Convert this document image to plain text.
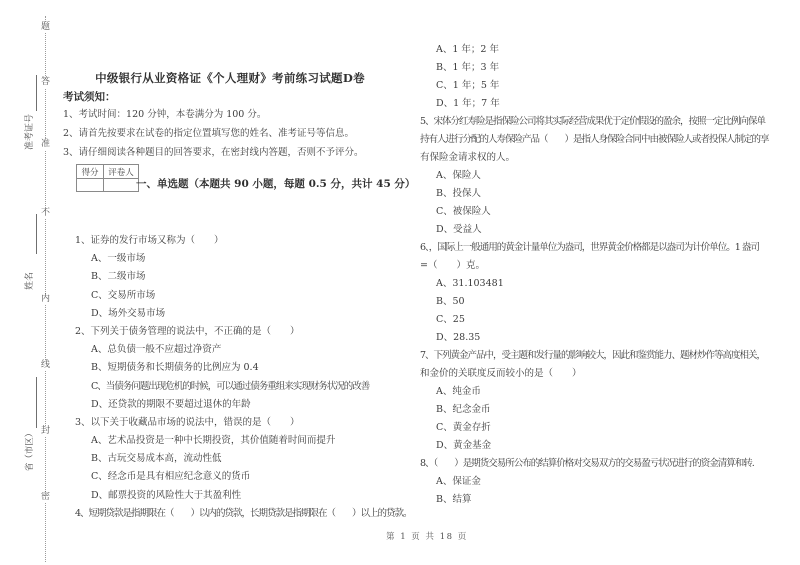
题
答
准
不
内
线
封
密
准考证号
姓名
省（市区）
中级银行从业资格证《个人理财》考前练习试题D卷
考试须知：
1、考试时间：120 分钟，本卷满分为 100 分。
2、请首先按要求在试卷的指定位置填写您的姓名、准考证号等信息。
3、请仔细阅读各种题目的回答要求，在密封线内答题，否则不予评分。
得分	评卷人

一、单选题（本题共 90 小题，每题 0.5 分，共计 45 分）
1、证券的发行市场又称为（　　）
A、一级市场
B、二级市场
C、交易所市场
D、场外交易市场
2、下列关于债务管理的说法中，不正确的是（　　）
A、总负债一般不应超过净资产
B、短期债务和长期债务的比例应为 0.4
C、当债务问题出现危机的时候，可以通过债务重组来实现财务状况的改善
D、还贷款的期限不要超过退休的年龄
3、以下关于收藏品市场的说法中，错误的是（　　）
A、艺术品投资是一种中长期投资，其价值随着时间而提升
B、古玩交易成本高，流动性低
C、经念币是具有相应纪念意义的货币
D、邮票投资的风险性大于其盈利性
4、短期贷款是指期限在（　　）以内的贷款，长期贷款是指期限在（　　）以上的贷款。
A、1 年；2 年
B、1 年；3 年
C、1 年；5 年
D、1 年；7 年
5、宋体分红寿险是指保险公司将其实际经营成果优于定价假设的盈余，按照一定比例向保单
持有人进行分配的人寿保险产品（　　）是指人身保险合同中由被保险人或者投保人制定的享
有保险金请求权的人。
A、保险人
B、投保人
C、被保险人
D、受益人
6、，国际上一般通用的黄金计量单位为盎司，世界黄金价格都是以盎司为计价单位。1 盎司
=（　　）克。
A、31.103481
B、50
C、25
D、28.35
7、下列黄金产品中，受主题和发行量的影响较大，因此和鉴赏能力、题材炒作等高度相关，
和金价的关联度反而较小的是（　　）
A、纯金币
B、纪念金币
C、黄金存折
D、黄金基金
8、（　　）是期货交易所公布的结算价格对交易双方的交易盈亏状况进行的资金清算和转.
A、保证金
B、结算
第 1 页 共 18 页
